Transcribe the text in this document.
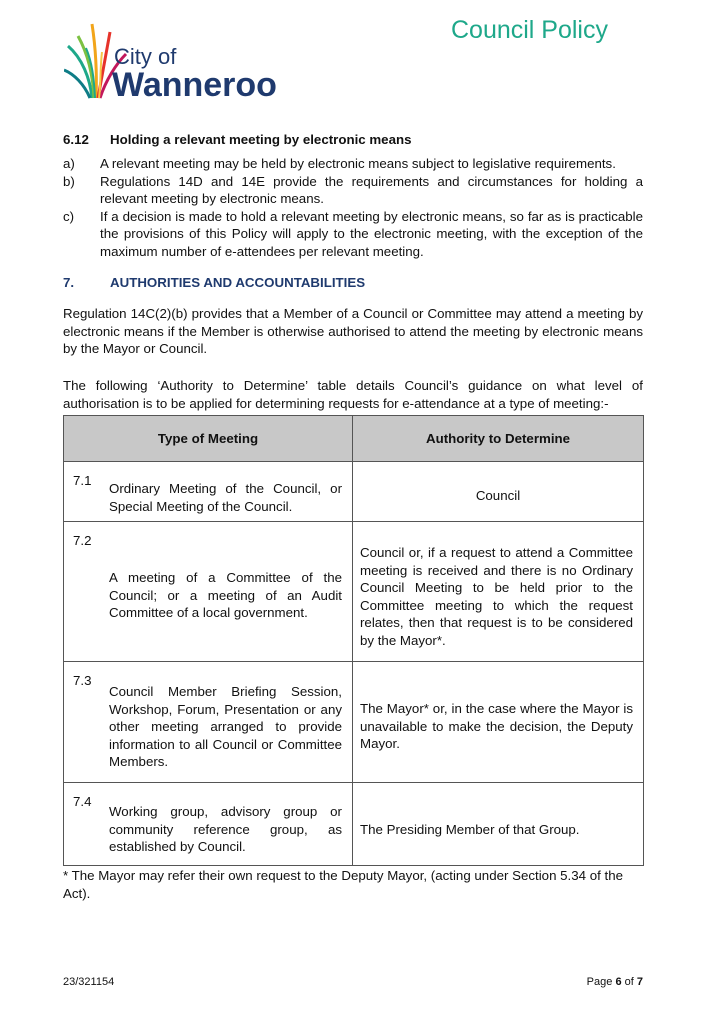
City of
Wanneroo
Council Policy
6.12 Holding a relevant meeting by electronic means
a)	A relevant meeting may be held by electronic means subject to legislative requirements.
b)	Regulations 14D and 14E provide the requirements and circumstances for holding a relevant meeting by electronic means.
c)	If a decision is made to hold a relevant meeting by electronic means, so far as is practicable the provisions of this Policy will apply to the electronic meeting, with the exception of the maximum number of e-attendees per relevant meeting.
7.	AUTHORITIES AND ACCOUNTABILITIES
Regulation 14C(2)(b) provides that a Member of a Council or Committee may attend a meeting by electronic means if the Member is otherwise authorised to attend the meeting by electronic means by the Mayor or Council.
The following ‘Authority to Determine’ table details Council’s guidance on what level of authorisation is to be applied for determining requests for e-attendance at a type of meeting:-
Type of Meeting	Authority to Determine

7.1
Ordinary Meeting of the Council, or Special Meeting of the Council.	Council

7.2
A meeting of a Committee of the Council; or a meeting of an Audit Committee of a local government.	Council or, if a request to attend a Committee meeting is received and there is no Ordinary Council Meeting to be held prior to the Committee meeting to which the request relates, then that request is to be considered by the Mayor*.

7.3
Council Member Briefing Session, Workshop, Forum, Presentation or any other meeting arranged to provide information to all Council or Committee Members.	The Mayor* or, in the case where the Mayor is unavailable to make the decision, the Deputy Mayor.

7.4
Working group, advisory group or community reference group, as established by Council.	The Presiding Member of that Group.
* The Mayor may refer their own request to the Deputy Mayor, (acting under Section 5.34 of the Act).
23/321154	Page 6 of 7
